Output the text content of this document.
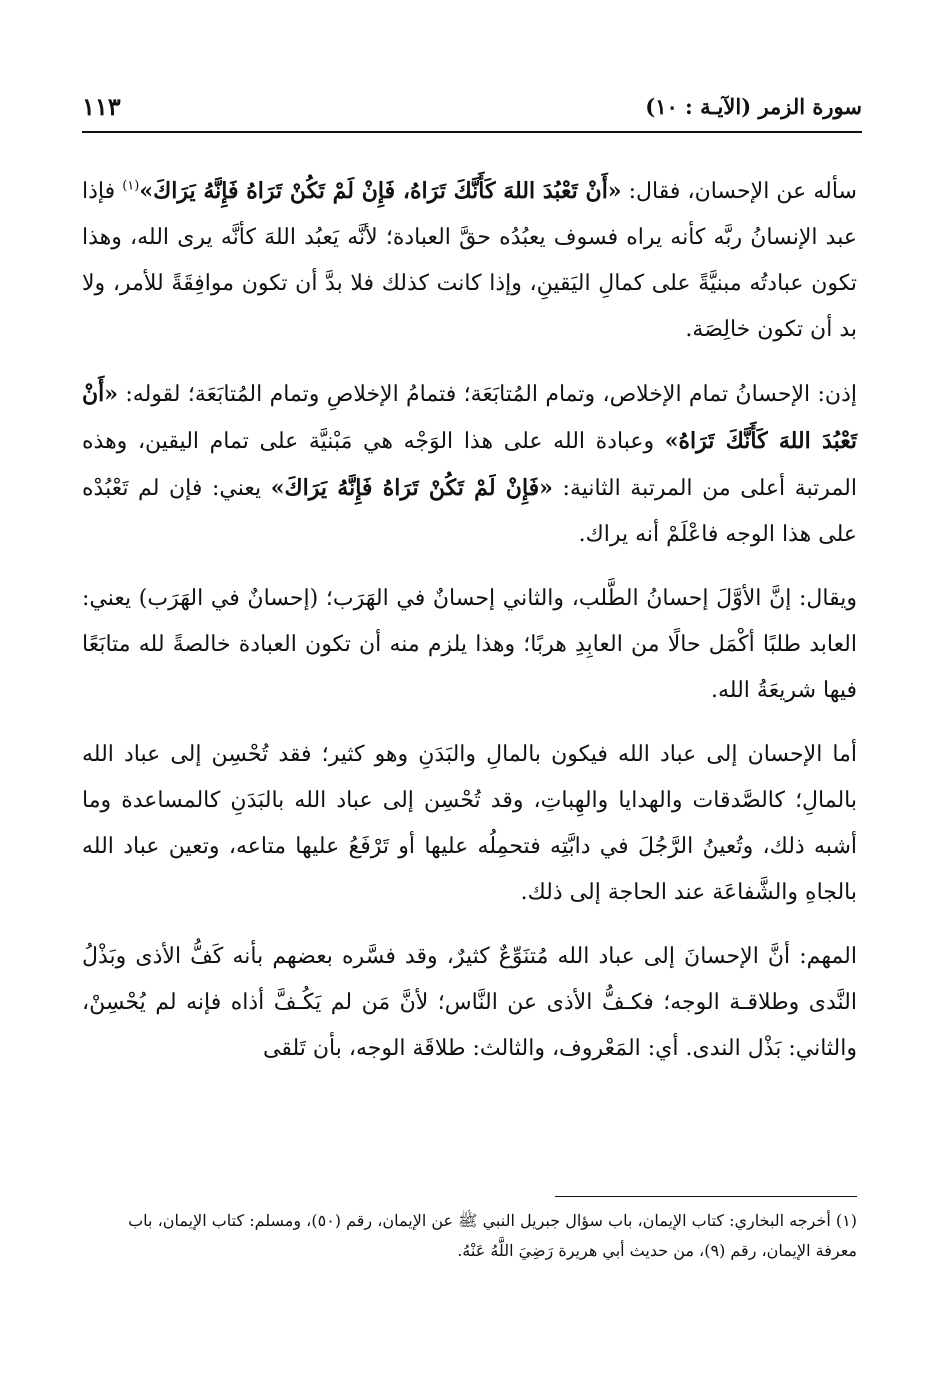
سورة الزمر (الآيـة : ١٠)
١١٣

سأله عن الإحسان، فقال: «أَنْ تَعْبُدَ اللهَ كَأَنَّكَ تَرَاهُ، فَإِنْ لَمْ تَكُنْ تَرَاهُ فَإِنَّهُ يَرَاكَ»$^{(١)}$ فإذا عبد الإنسانُ ربَّه كأنه يراه فسوف يعبُدُه حقَّ العبادة؛ لأنَّه يَعبُد اللهَ كأنَّه يرى الله، وهذا تكون عبادتُه مبنيَّةً على كمالِ اليَقينِ، وإذا كانت كذلك فلا بدَّ أن تكون موافِقَةً للأمر، ولا بد أن تكون خالِصَة.

إذن: الإحسانُ تمام الإخلاص، وتمام المُتابَعَة؛ فتمامُ الإخلاصِ وتمام المُتابَعَة؛ لقوله: «أَنْ تَعْبُدَ اللهَ كَأَنَّكَ تَرَاهُ» وعبادة الله على هذا الوَجْه هي مَبْنيَّة على تمام اليقين، وهذه المرتبة أعلى من المرتبة الثانية: «فَإِنْ لَمْ تَكُنْ تَرَاهُ فَإِنَّهُ يَرَاكَ» يعني: فإن لم تَعْبُدْه على هذا الوجه فاعْلَمْ أنه يراك.

ويقال: إنَّ الأوَّلَ إحسانُ الطَّلب، والثاني إحسانٌ في الهَرَب؛ (إحسانٌ في الهَرَب) يعني: العابد طلبًا أكْمَل حالًا من العابِدِ هربًا؛ وهذا يلزم منه أن تكون العبادة خالصةً لله متابَعًا فيها شريعَةُ الله.

أما الإحسان إلى عباد الله فيكون بالمالِ والبَدَنِ وهو كثير؛ فقد تُحْسِن إلى عباد الله بالمالِ؛ كالصَّدقات والهدايا والهِباتِ، وقد تُحْسِن إلى عباد الله بالبَدَنِ كالمساعدة وما أشبه ذلك، وتُعينُ الرَّجُلَ في دابَّتِه فتحمِلُه عليها أو تَرْفَعُ عليها متاعه، وتعين عباد الله بالجاهِ والشَّفاعَة عند الحاجة إلى ذلك.

المهم: أنَّ الإحسانَ إلى عباد الله مُتنَوِّعٌ كثيرٌ، وقد فسَّره بعضهم بأنه كَفُّ الأذى وبَذْلُ النَّدى وطلاقـة الوجه؛ فكـفُّ الأذى عن النَّاس؛ لأنَّ مَن لم يَكُـفَّ أذاه فإنه لم يُحْسِنْ، والثاني: بَذْل الندى. أي: المَعْروف، والثالث: طلاقَة الوجه، بأن تَلقى

(١) أخرجه البخاري: كتاب الإيمان، باب سؤال جبريل النبي ﷺ عن الإيمان، رقم (٥٠)، ومسلم: كتاب الإيمان، باب معرفة الإيمان، رقم (٩)، من حديث أبي هريرة رَضِيَ اللَّهُ عَنْهُ.
